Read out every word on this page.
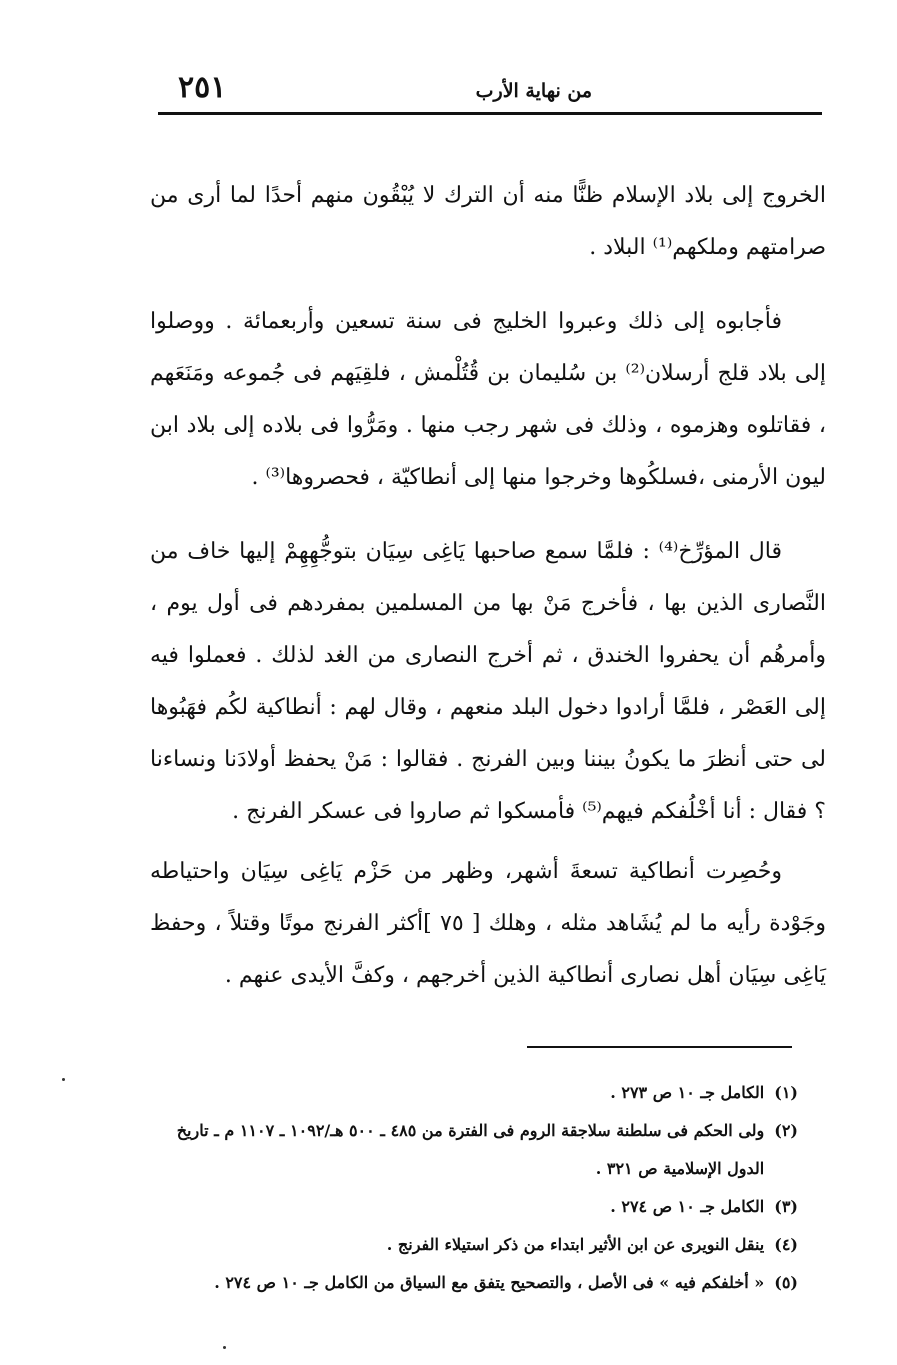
من نهاية الأرب
٢٥١

الخروج إلى بلاد الإسلام ظنًّا منه أن الترك لا يُبْقُون منهم أحدًا لما أرى من صرامتهم وملكهم⁽¹⁾ البلاد .

فأجابوه إلى ذلك وعبروا الخليج فى سنة تسعين وأربعمائة . ووصلوا إلى بلاد قلج أرسلان⁽²⁾ بن سُليمان بن قُتُلْمش ، فلقِيَهم فى جُموعه ومَنَعَهم ، فقاتلوه وهزموه ، وذلك فى شهر رجب منها . ومَرُّوا فى بلاده إلى بلاد ابن ليون الأرمنى ،فسلكُوها وخرجوا منها إلى أنطاكيّة ، فحصروها⁽³⁾ .

قال المؤرِّخ⁽⁴⁾ : فلمَّا سمع صاحبها يَاغِى سِيَان بتوجُّهِهِمْ إليها خاف من النَّصارى الذين بها ، فأخرج مَنْ بها من المسلمين بمفردهم فى أول يوم ، وأمرهُم أن يحفروا الخندق ، ثم أخرج النصارى من الغد لذلك . فعملوا فيه إلى العَصْر ، فلمَّا أرادوا دخول البلد منعهم ، وقال لهم : أنطاكية لكُم فهَبُوها لى حتى أنظرَ ما يكونُ بيننا وبين الفرنج . فقالوا : مَنْ يحفظ أولادَنا ونساءنا ؟ فقال : أنا أخْلُفكم فيهم⁽⁵⁾ فأمسكوا ثم صاروا فى عسكر الفرنج .

وحُصِرت أنطاكية تسعةَ أشهر، وظهر من حَزْم يَاغِى سِيَان واحتياطه وجَوْدة رأيه ما لم يُشَاهد مثله ، وهلك [ ٧٥ ]أكثر الفرنج موتًا وقتلاً ، وحفظ يَاغِى سِيَان أهل نصارى أنطاكية الذين أخرجهم ، وكفَّ الأيدى عنهم .

(١)
الكامل جـ ١٠ ص ٢٧٣ .
(٢)
ولى الحكم فى سلطنة سلاجقة الروم فى الفترة من ٤٨٥ ـ ٥٠٠ هـ/١٠٩٢ ـ ١١٠٧ م ـ تاريخ الدول الإسلامية ص ٣٢١ .
(٣)
الكامل جـ ١٠ ص ٢٧٤ .
(٤)
ينقل النويرى عن ابن الأثير ابتداء من ذكر استيلاء الفرنج .
(٥)
« أخلفكم فيه » فى الأصل ، والتصحيح يتفق مع السياق من الكامل جـ ١٠ ص ٢٧٤ .
